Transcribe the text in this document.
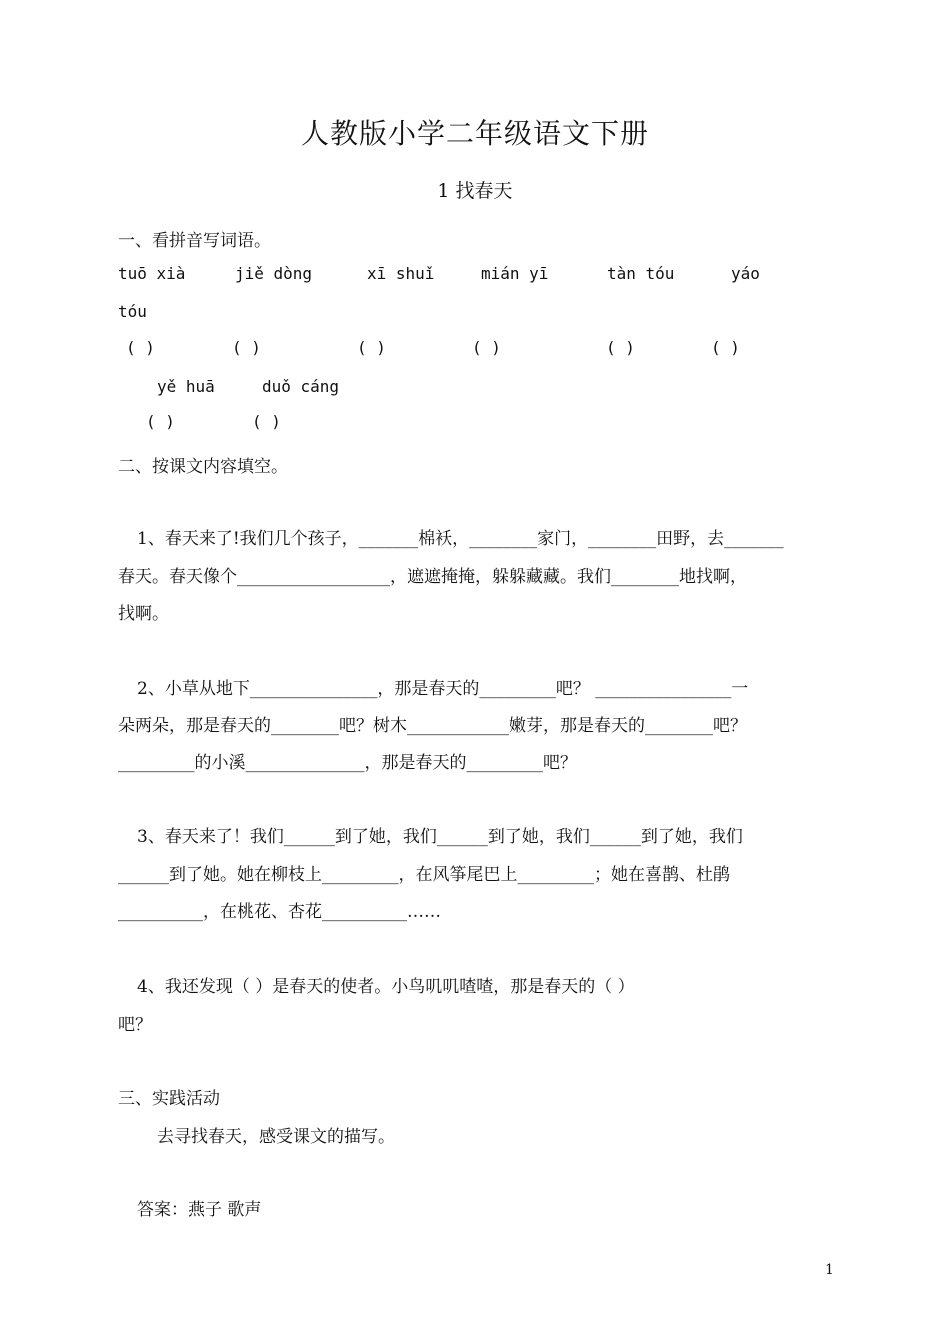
人教版小学二年级语文下册
1 找春天
一、看拼音写词语。
tuō xià	jiě dòng	xī shuǐ	mián yī	tàn tóu	yáo
tóu
( )	( )	( )	( )	( )	( )
yě huā	duǒ cáng
( )	( )
二、按课文内容填空。
1、春天来了!我们几个孩子，_______棉袄，________家门，________田野，去_______
春天。春天像个__________________，遮遮掩掩，躲躲藏藏。我们________地找啊，
找啊。
2、小草从地下_______________，那是春天的_________吧？ ________________一
朵两朵，那是春天的________吧？树木____________嫩芽，那是春天的________吧？
_________的小溪______________，那是春天的_________吧？
3、春天来了！我们______到了她，我们______到了她，我们______到了她，我们
______到了她。她在柳枝上_________，在风筝尾巴上_________；她在喜鹊、杜鹃
__________，在桃花、杏花__________……
4、我还发现（ ）是春天的使者。小鸟叽叽喳喳，那是春天的（ ）
吧？
三、实践活动
去寻找春天，感受课文的描写。
答案：燕子 歌声
1
